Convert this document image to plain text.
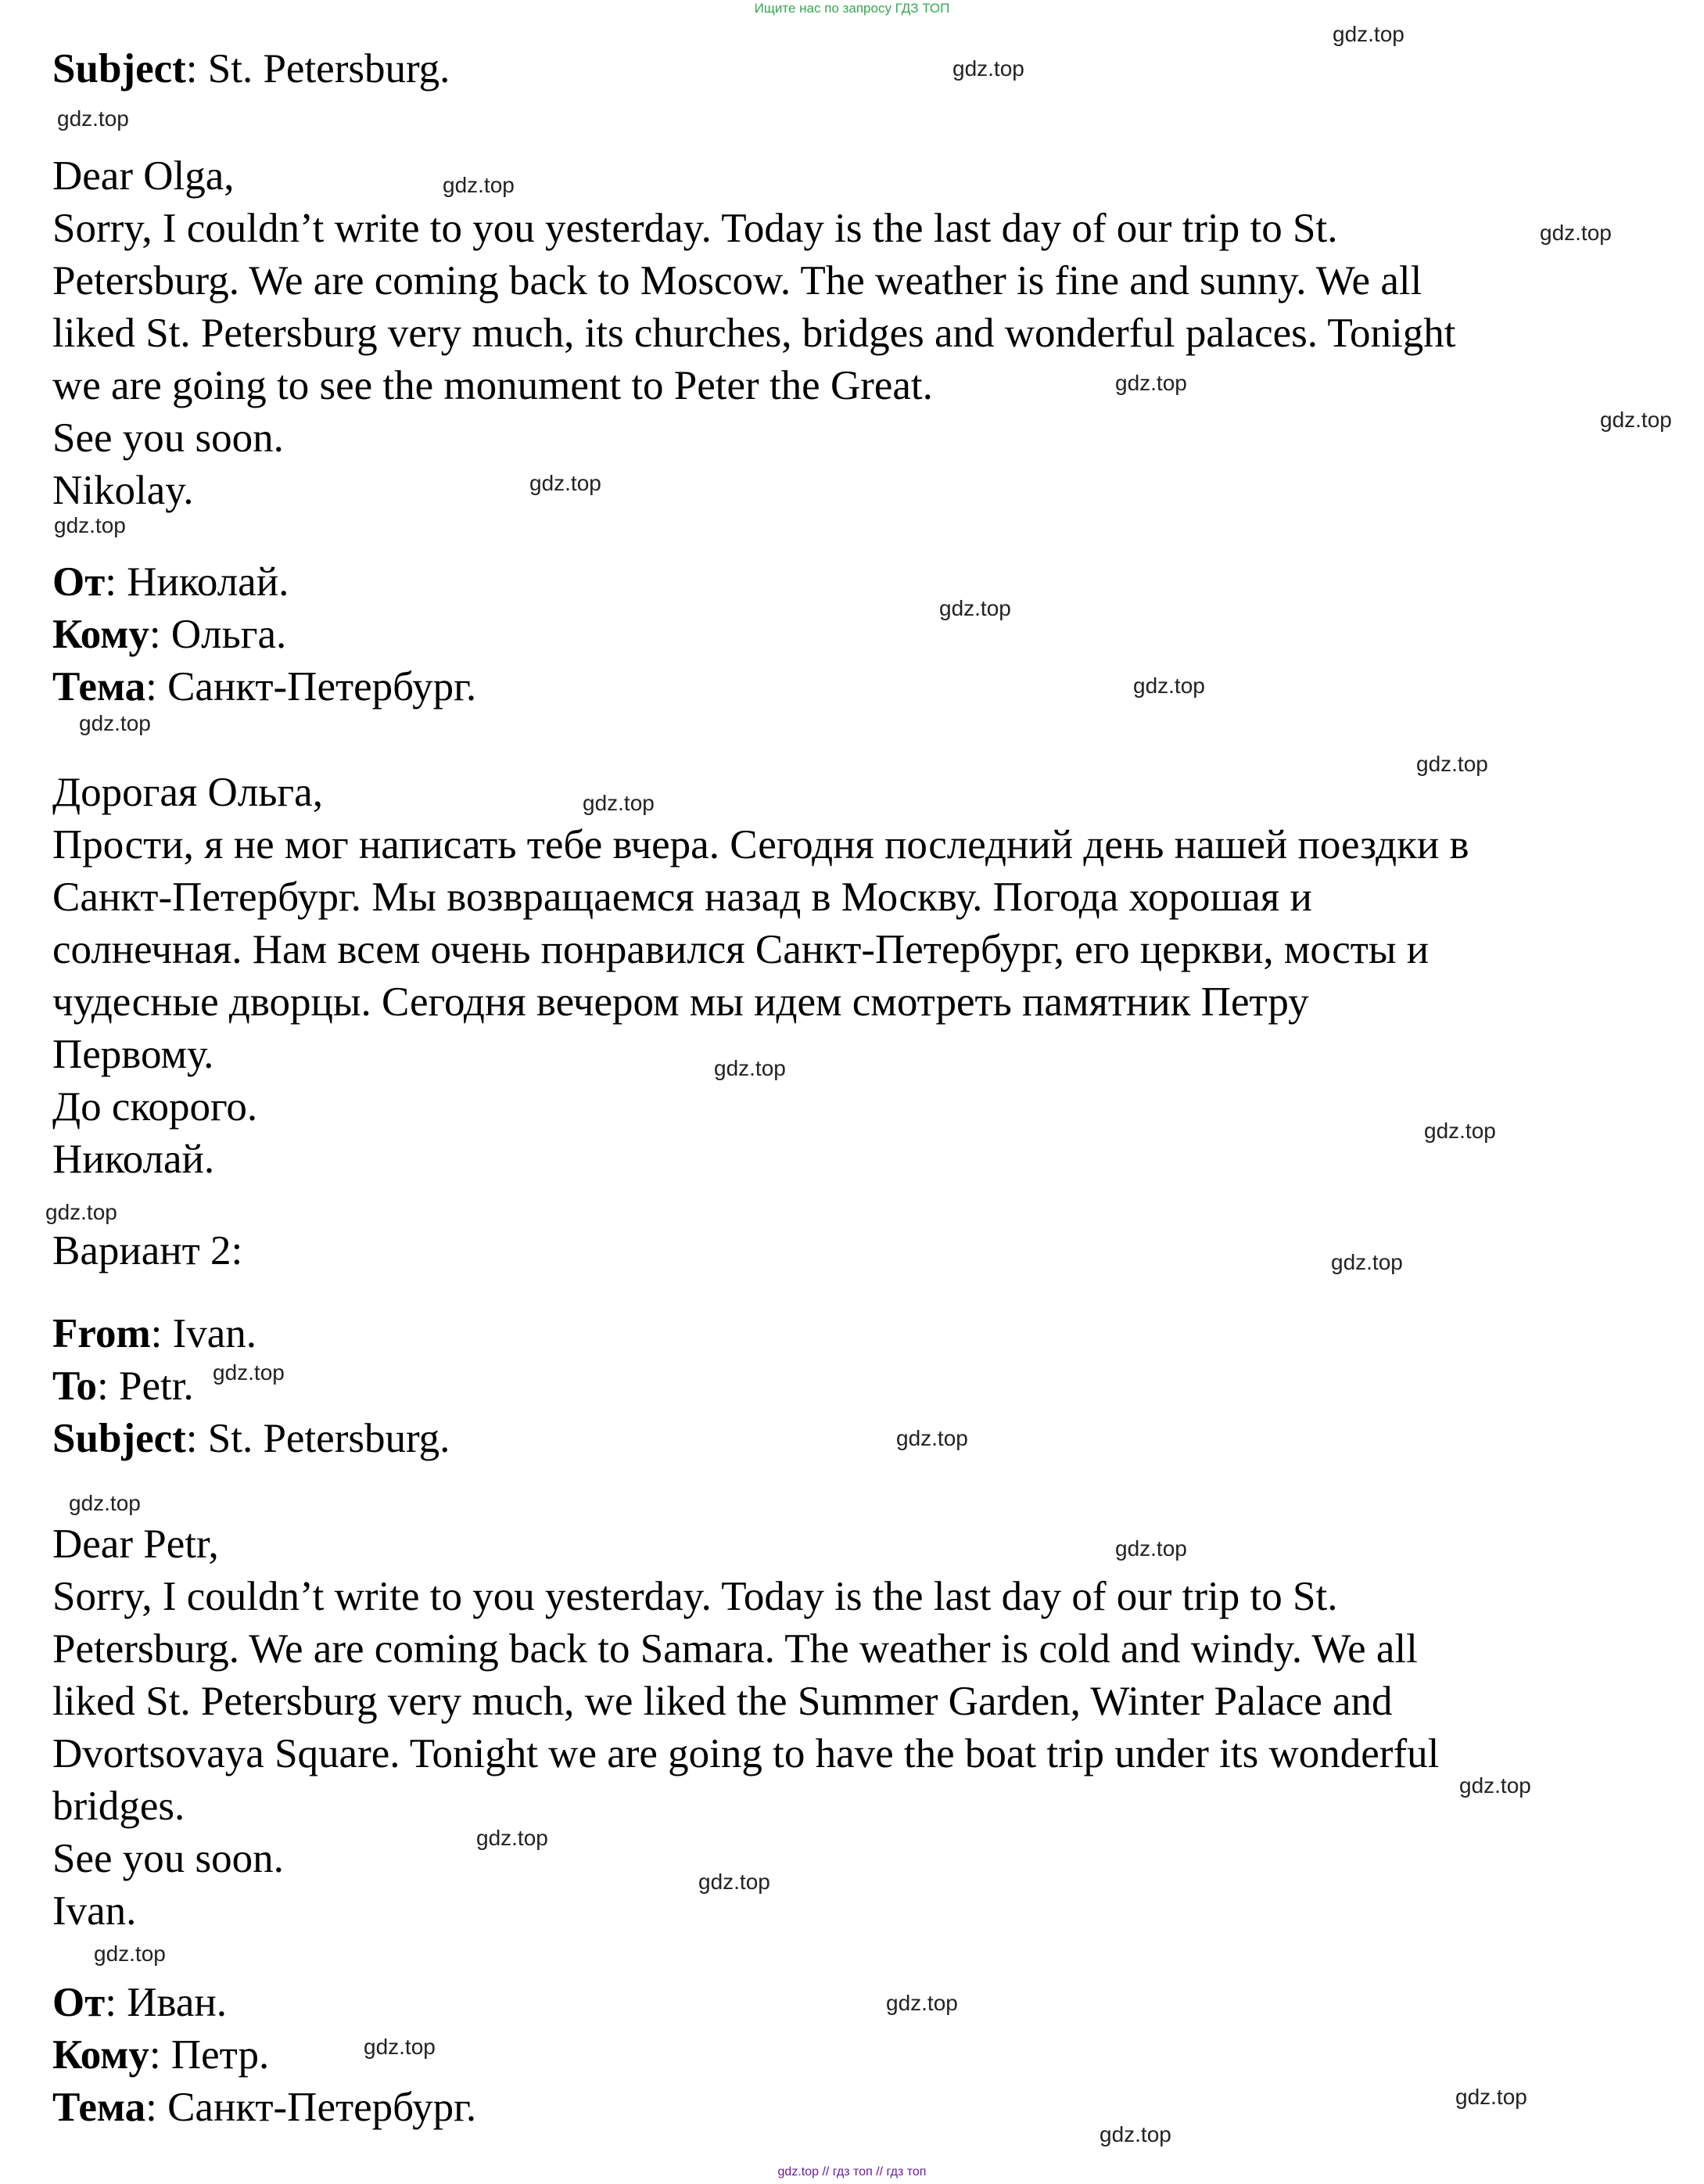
Ищите нас по запросу ГДЗ ТОП
Subject: St. Petersburg.
Dear Olga,
Sorry, I couldn’t write to you yesterday. Today is the last day of our trip to St.
Petersburg. We are coming back to Moscow. The weather is fine and sunny. We all
liked St. Petersburg very much, its churches, bridges and wonderful palaces. Tonight
we are going to see the monument to Peter the Great.
See you soon.
Nikolay.
От: Николай.
Кому: Ольга.
Тема: Санкт-Петербург.
Дорогая Ольга,
Прости, я не мог написать тебе вчера. Сегодня последний день нашей поездки в
Санкт-Петербург. Мы возвращаемся назад в Москву. Погода хорошая и
солнечная. Нам всем очень понравился Санкт-Петербург, его церкви, мосты и
чудесные дворцы. Сегодня вечером мы идем смотреть памятник Петру
Первому.
До скорого.
Николай.
Вариант 2:
From: Ivan.
To: Petr.
Subject: St. Petersburg.
Dear Petr,
Sorry, I couldn’t write to you yesterday. Today is the last day of our trip to St.
Petersburg. We are coming back to Samara. The weather is cold and windy. We all
liked St. Petersburg very much, we liked the Summer Garden, Winter Palace and
Dvortsovaya Square. Tonight we are going to have the boat trip under its wonderful
bridges.
See you soon.
Ivan.
От: Иван.
Кому: Петр.
Тема: Санкт-Петербург.
gdz.top
gdz.top
gdz.top
gdz.top
gdz.top
gdz.top
gdz.top
gdz.top
gdz.top
gdz.top
gdz.top
gdz.top
gdz.top
gdz.top
gdz.top
gdz.top
gdz.top
gdz.top
gdz.top
gdz.top
gdz.top
gdz.top
gdz.top
gdz.top
gdz.top
gdz.top
gdz.top
gdz.top
gdz.top
gdz.top
gdz.top // гдз топ // гдз топ
